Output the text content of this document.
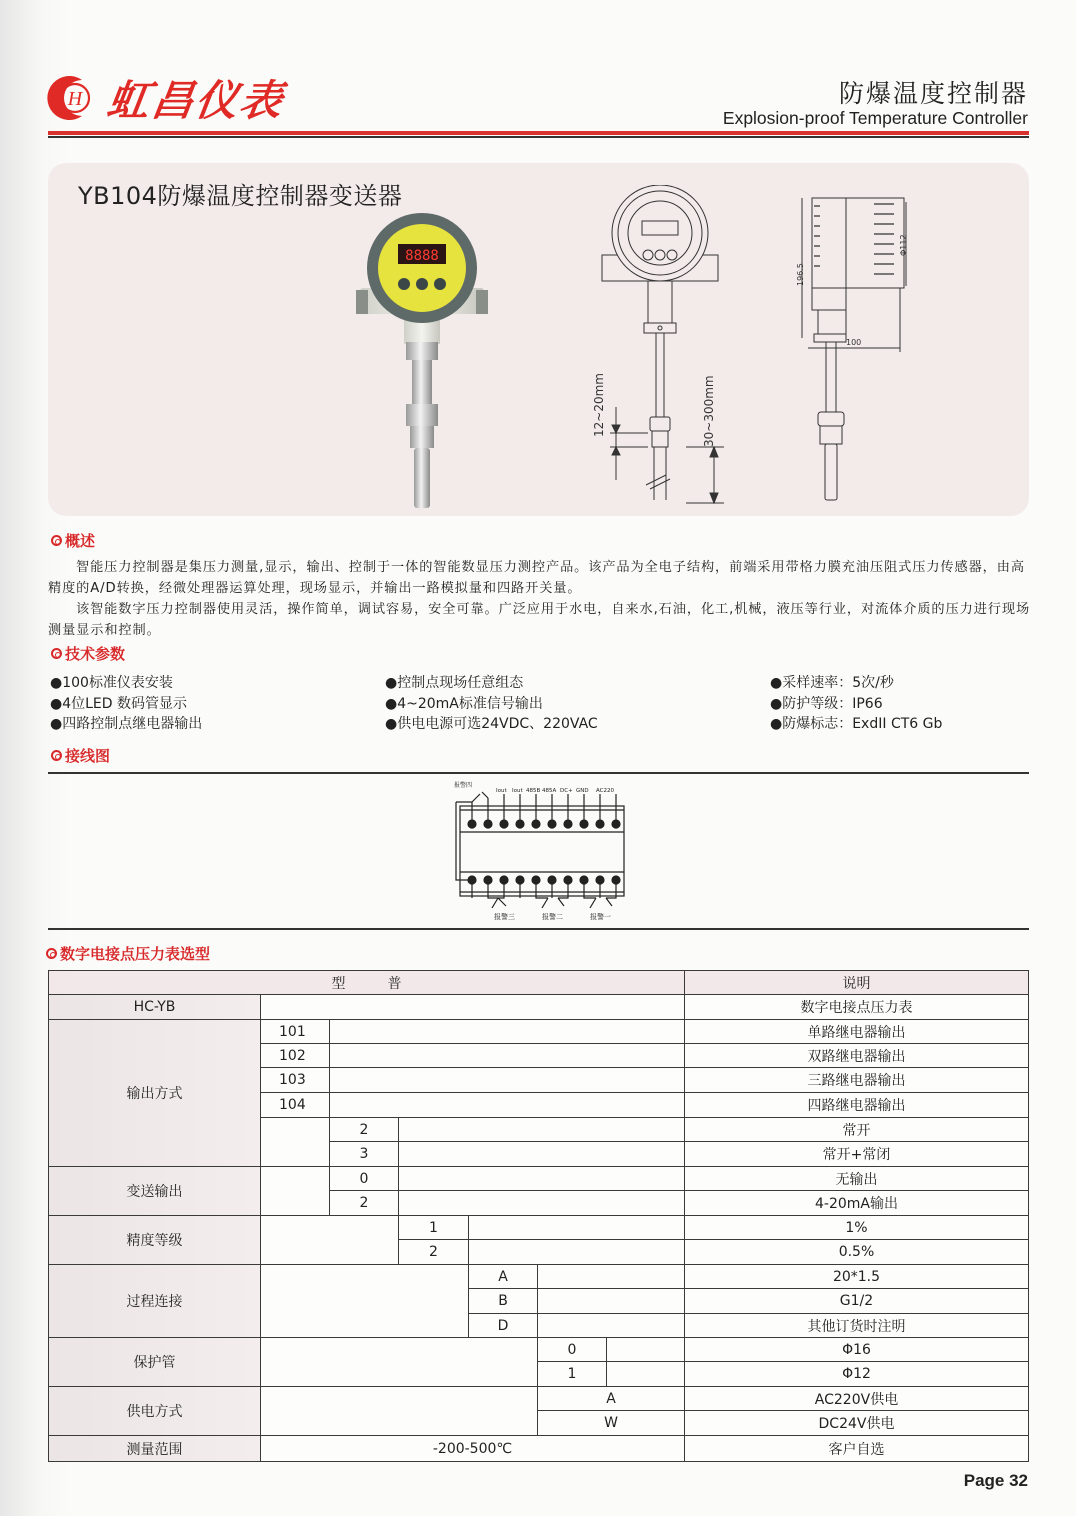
H 虹昌仪表	防爆温度控制器
Explosion-proof Temperature Controller
YB104防爆温度控制器变送器
8888
12~20mm	30~300mm
196.5
Φ112
100
概述
智能压力控制器是集压力测量,显示，输出、控制于一体的智能数显压力测控产品。该产品为全电子结构，前端采用带格力膜充油压阻式压力传感器，由高精度的A/D转换，经微处理器运算处理，现场显示，并输出一路模拟量和四路开关量。
该智能数字压力控制器使用灵活，操作简单，调试容易，安全可靠。广泛应用于水电，自来水,石油，化工,机械，液压等行业，对流体介质的压力进行现场测量显示和控制。
技术参数
●100标准仪表安装
●4位LED 数码管显示
●四路控制点继电器输出
●控制点现场任意组态
●4~20mA标准信号输出
●供电电源可选24VDC、220VAC
●采样速率：5次/秒
●防护等级：IP66
●防爆标志：ExdII CT6 Gb
接线图
报警四
Iout Iout 485B 485A DC+ GND AC220
报警三	报警二	报警一
数字电接点压力表选型
型　　　普	说明
HC-YB	数字电接点压力表
输出方式
101	单路继电器输出
102	双路继电器输出
103	三路继电器输出
104	四路继电器输出
2	常开
3	常开+常闭
变送输出
0	无输出
2	4-20mA输出
精度等级
1	1%
2	0.5%
过程连接
A	20*1.5
B	G1/2
D	其他订货时注明
保护管
0	Φ16
1	Φ12
供电方式
A	AC220V供电
W	DC24V供电
测量范围	-200-500℃	客户自选
Page 32
